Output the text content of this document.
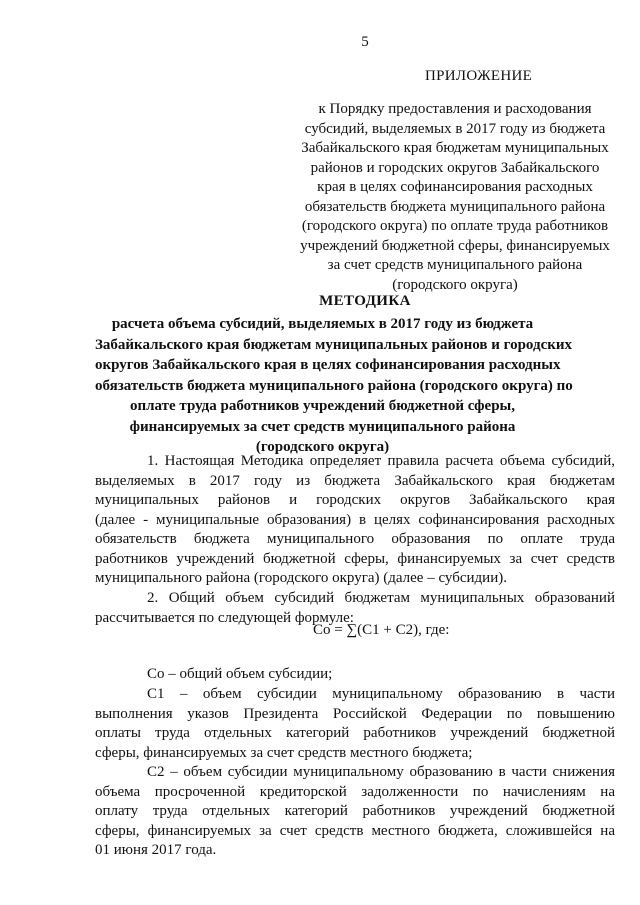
5
ПРИЛОЖЕНИЕ
к Порядку предоставления и расходования
субсидий, выделяемых в 2017 году из бюджета
Забайкальского края бюджетам муниципальных
районов и городских округов Забайкальского
края в целях софинансирования расходных
обязательств бюджета муниципального района
(городского округа) по оплате труда работников
учреждений бюджетной сферы, финансируемых
за счет средств муниципального района
(городского округа)
МЕТОДИКА
расчета объема субсидий, выделяемых в 2017 году из бюджета
Забайкальского края бюджетам муниципальных районов и городских
округов Забайкальского края в целях софинансирования расходных
обязательств бюджета муниципального района (городского округа) по
оплате труда работников учреждений бюджетной сферы,
финансируемых за счет средств муниципального района
(городского округа)
1. Настоящая Методика определяет правила расчета объема субсидий,
выделяемых в 2017 году из бюджета Забайкальского края бюджетам
муниципальных районов и городских округов Забайкальского края
(далее - муниципальные образования) в целях софинансирования расходных
обязательств бюджета муниципального образования по оплате труда
работников учреждений бюджетной сферы, финансируемых за счет средств
муниципального района (городского округа) (далее – субсидии).
2. Общий объем субсидий бюджетам муниципальных образований
рассчитывается по следующей формуле:
Со = ∑(С1 + С2), где:
Со – общий объем субсидии;
С1 – объем субсидии муниципальному образованию в части
выполнения указов Президента Российской Федерации по повышению
оплаты труда отдельных категорий работников учреждений бюджетной
сферы, финансируемых за счет средств местного бюджета;
С2 – объем субсидии муниципальному образованию в части снижения
объема просроченной кредиторской задолженности по начислениям на
оплату труда отдельных категорий работников учреждений бюджетной
сферы, финансируемых за счет средств местного бюджета, сложившейся на
01 июня 2017 года.
